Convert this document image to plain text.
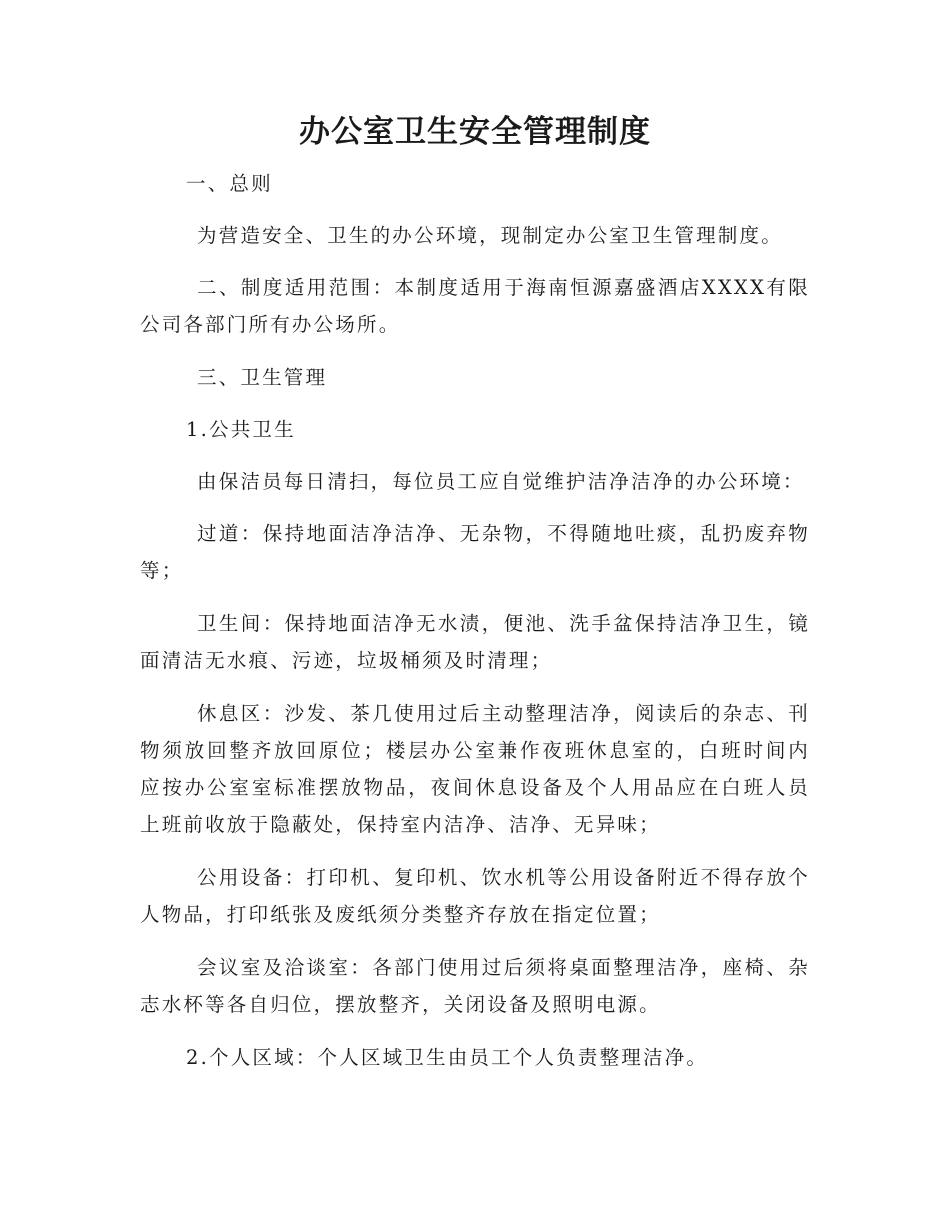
办公室卫生安全管理制度

一、总则

为营造安全、卫生的办公环境，现制定办公室卫生管理制度。

二、制度适用范围：本制度适用于海南恒源嘉盛酒店XXXX有限公司各部门所有办公场所。

三、卫生管理

1.公共卫生

由保洁员每日清扫，每位员工应自觉维护洁净洁净的办公环境：

过道：保持地面洁净洁净、无杂物，不得随地吐痰，乱扔废弃物等；

卫生间：保持地面洁净无水渍，便池、洗手盆保持洁净卫生，镜面清洁无水痕、污迹，垃圾桶须及时清理；

休息区：沙发、茶几使用过后主动整理洁净，阅读后的杂志、刊物须放回整齐放回原位；楼层办公室兼作夜班休息室的，白班时间内应按办公室室标准摆放物品，夜间休息设备及个人用品应在白班人员上班前收放于隐蔽处，保持室内洁净、洁净、无异味；

公用设备：打印机、复印机、饮水机等公用设备附近不得存放个人物品，打印纸张及废纸须分类整齐存放在指定位置；

会议室及洽谈室：各部门使用过后须将桌面整理洁净，座椅、杂志水杯等各自归位，摆放整齐，关闭设备及照明电源。

2.个人区域：个人区域卫生由员工个人负责整理洁净。
